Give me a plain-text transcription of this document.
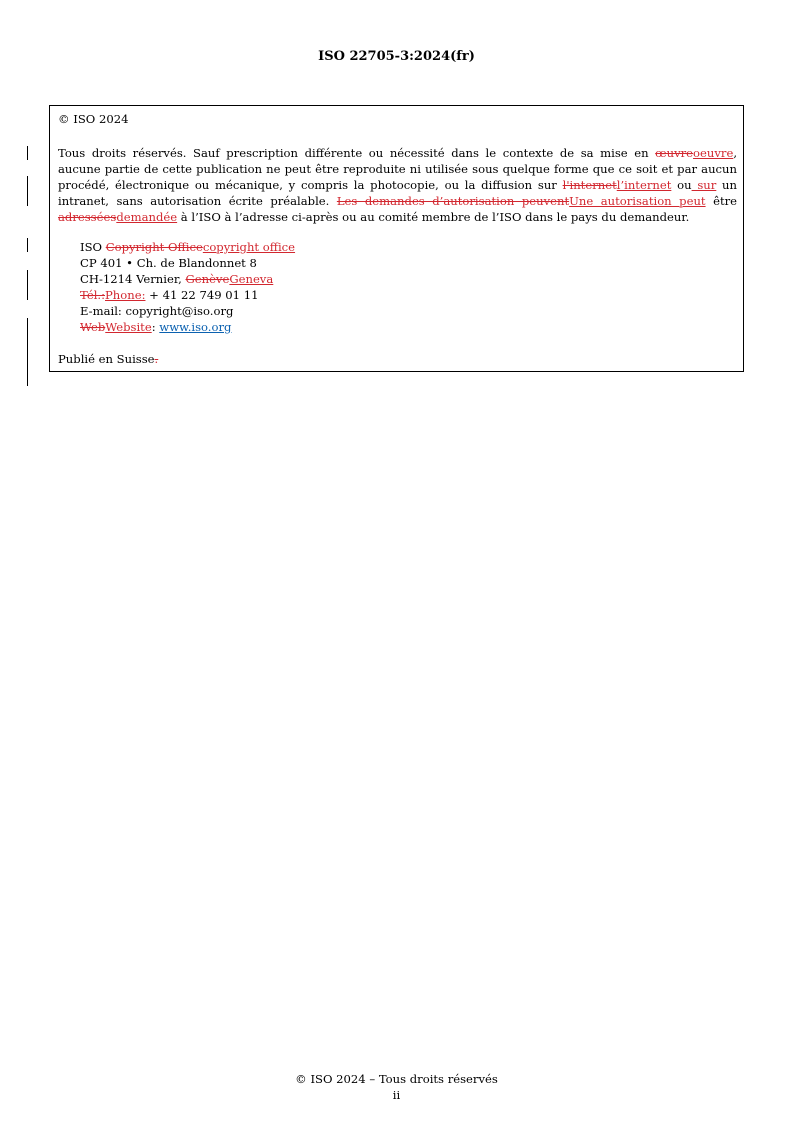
ISO 22705-3:2024(fr)
© ISO 2024
Tous droits réservés. Sauf prescription différente ou nécessité dans le contexte de sa mise en œuvreoeuvre, aucune partie de cette publication ne peut être reproduite ni utilisée sous quelque forme que ce soit et par aucun procédé, électronique ou mécanique, y compris la photocopie, ou la diffusion sur l'internetl’internet ou sur un intranet, sans autorisation écrite préalable. Les demandes d’autorisation peuventUne autorisation peut être adresséesdemandée à l’ISO à l’adresse ci-après ou au comité membre de l’ISO dans le pays du demandeur.
ISO Copyright Officecopyright office
CP 401 • Ch. de Blandonnet 8
CH-1214 Vernier, GenèveGeneva
Tél.:Phone: + 41 22 749 01 11
E-mail: copyright@iso.org
WebWebsite: www.iso.org
Publié en Suisse.
© ISO 2024 – Tous droits réservés
ii
